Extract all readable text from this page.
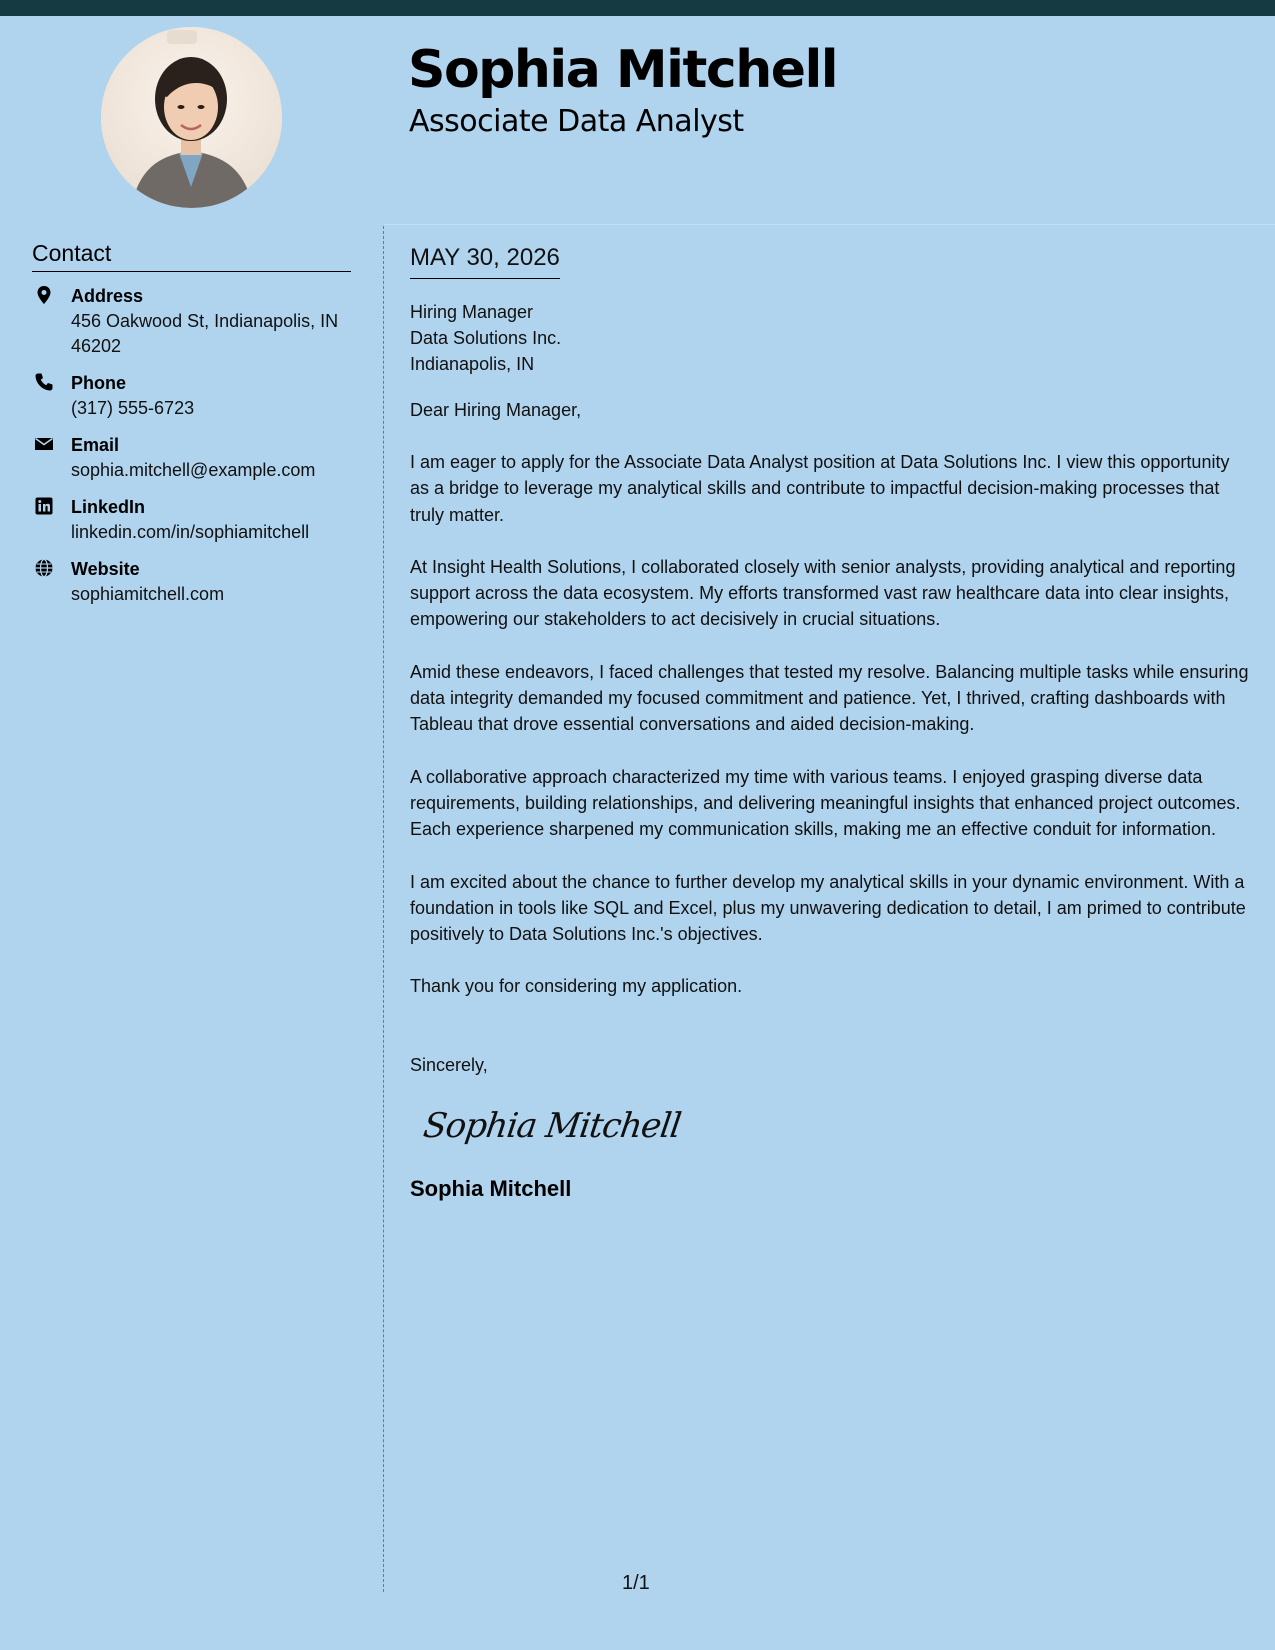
Sophia Mitchell
Associate Data Analyst
Contact
Address
456 Oakwood St, Indianapolis, IN 46202
Phone
(317) 555-6723
Email
sophia.mitchell@example.com
LinkedIn
linkedin.com/in/sophiamitchell
Website
sophiamitchell.com
MAY 30, 2026
Hiring Manager
Data Solutions Inc.
Indianapolis, IN
Dear Hiring Manager,

I am eager to apply for the Associate Data Analyst position at Data Solutions Inc. I view this opportunity as a bridge to leverage my analytical skills and contribute to impactful decision-making processes that truly matter.

At Insight Health Solutions, I collaborated closely with senior analysts, providing analytical and reporting support across the data ecosystem. My efforts transformed vast raw healthcare data into clear insights, empowering our stakeholders to act decisively in crucial situations.

Amid these endeavors, I faced challenges that tested my resolve. Balancing multiple tasks while ensuring data integrity demanded my focused commitment and patience. Yet, I thrived, crafting dashboards with Tableau that drove essential conversations and aided decision-making.

A collaborative approach characterized my time with various teams. I enjoyed grasping diverse data requirements, building relationships, and delivering meaningful insights that enhanced project outcomes. Each experience sharpened my communication skills, making me an effective conduit for information.

I am excited about the chance to further develop my analytical skills in your dynamic environment. With a foundation in tools like SQL and Excel, plus my unwavering dedication to detail, I am primed to contribute positively to Data Solutions Inc.'s objectives.

Thank you for considering my application.

Sincerely,
Sophia Mitchell
Sophia Mitchell
1/1
